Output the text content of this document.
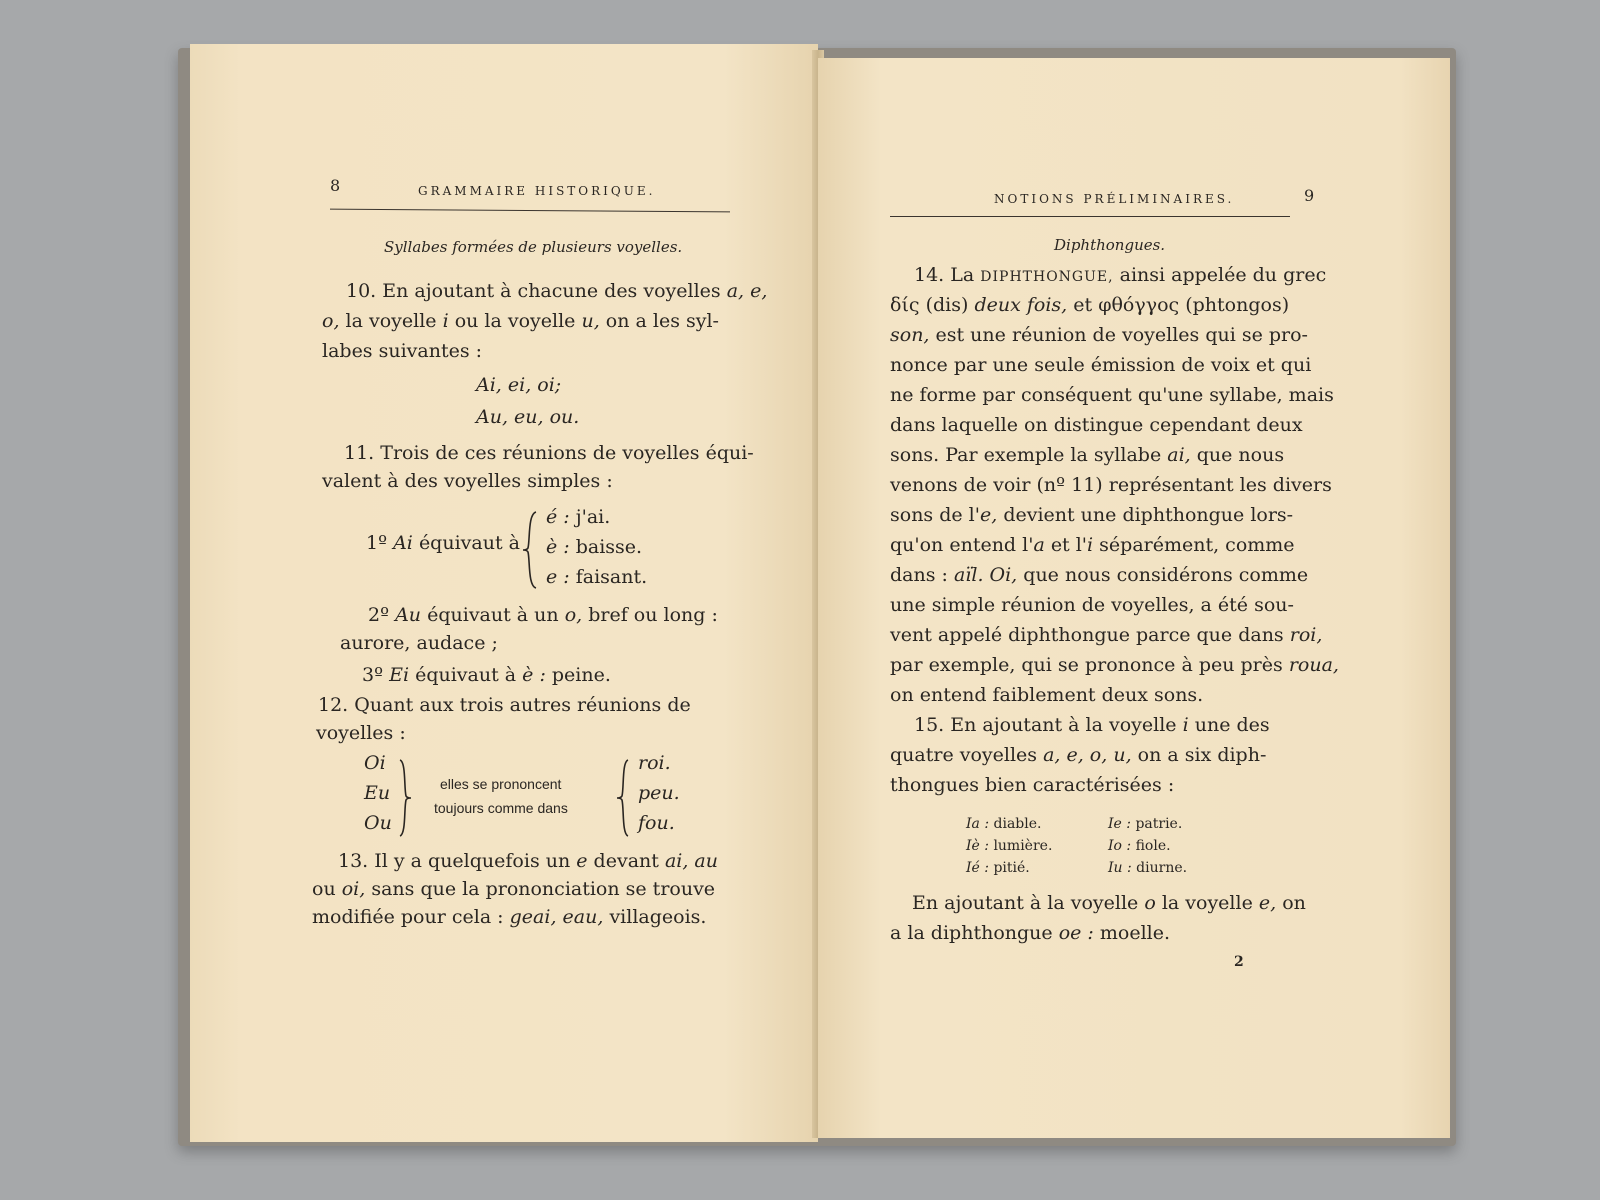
8	GRAMMAIRE HISTORIQUE.
Syllabes formées de plusieurs voyelles.
10. En ajoutant à chacune des voyelles a, e,
o, la voyelle i ou la voyelle u, on a les syl-
labes suivantes :
Ai, ei, oi;
Au, eu, ou.
11. Trois de ces réunions de voyelles équi-
valent à des voyelles simples :
1º Ai équivaut à
é : j'ai.
è : baisse.
e : faisant.
2º Au équivaut à un o, bref ou long :
aurore, audace ;
3º Ei équivaut à è : peine.
12. Quant aux trois autres réunions de
voyelles :
Oi
Eu
Ou
elles se prononcent
toujours comme dans
roi.
peu.
fou.
13. Il y a quelquefois un e devant ai, au
ou oi, sans que la prononciation se trouve
modifiée pour cela : geai, eau, villageois.
NOTIONS PRÉLIMINAIRES.	9
Diphthongues.
14. La DIPHTHONGUE, ainsi appelée du grec
δίς (dis) deux fois, et φθόγγος (phtongos)
son, est une réunion de voyelles qui se pro-
nonce par une seule émission de voix et qui
ne forme par conséquent qu'une syllabe, mais
dans laquelle on distingue cependant deux
sons. Par exemple la syllabe ai, que nous
venons de voir (nº 11) représentant les divers
sons de l'e, devient une diphthongue lors-
qu'on entend l'a et l'i séparément, comme
dans : aïl. Oi, que nous considérons comme
une simple réunion de voyelles, a été sou-
vent appelé diphthongue parce que dans roi,
par exemple, qui se prononce à peu près roua,
on entend faiblement deux sons.
15. En ajoutant à la voyelle i une des
quatre voyelles a, e, o, u, on a six diph-
thongues bien caractérisées :
Ia : diable.
Iè : lumière.
Ié : pitié.
Ie : patrie.
Io : fiole.
Iu : diurne.
En ajoutant à la voyelle o la voyelle e, on
a la diphthongue oe : moelle.
2
